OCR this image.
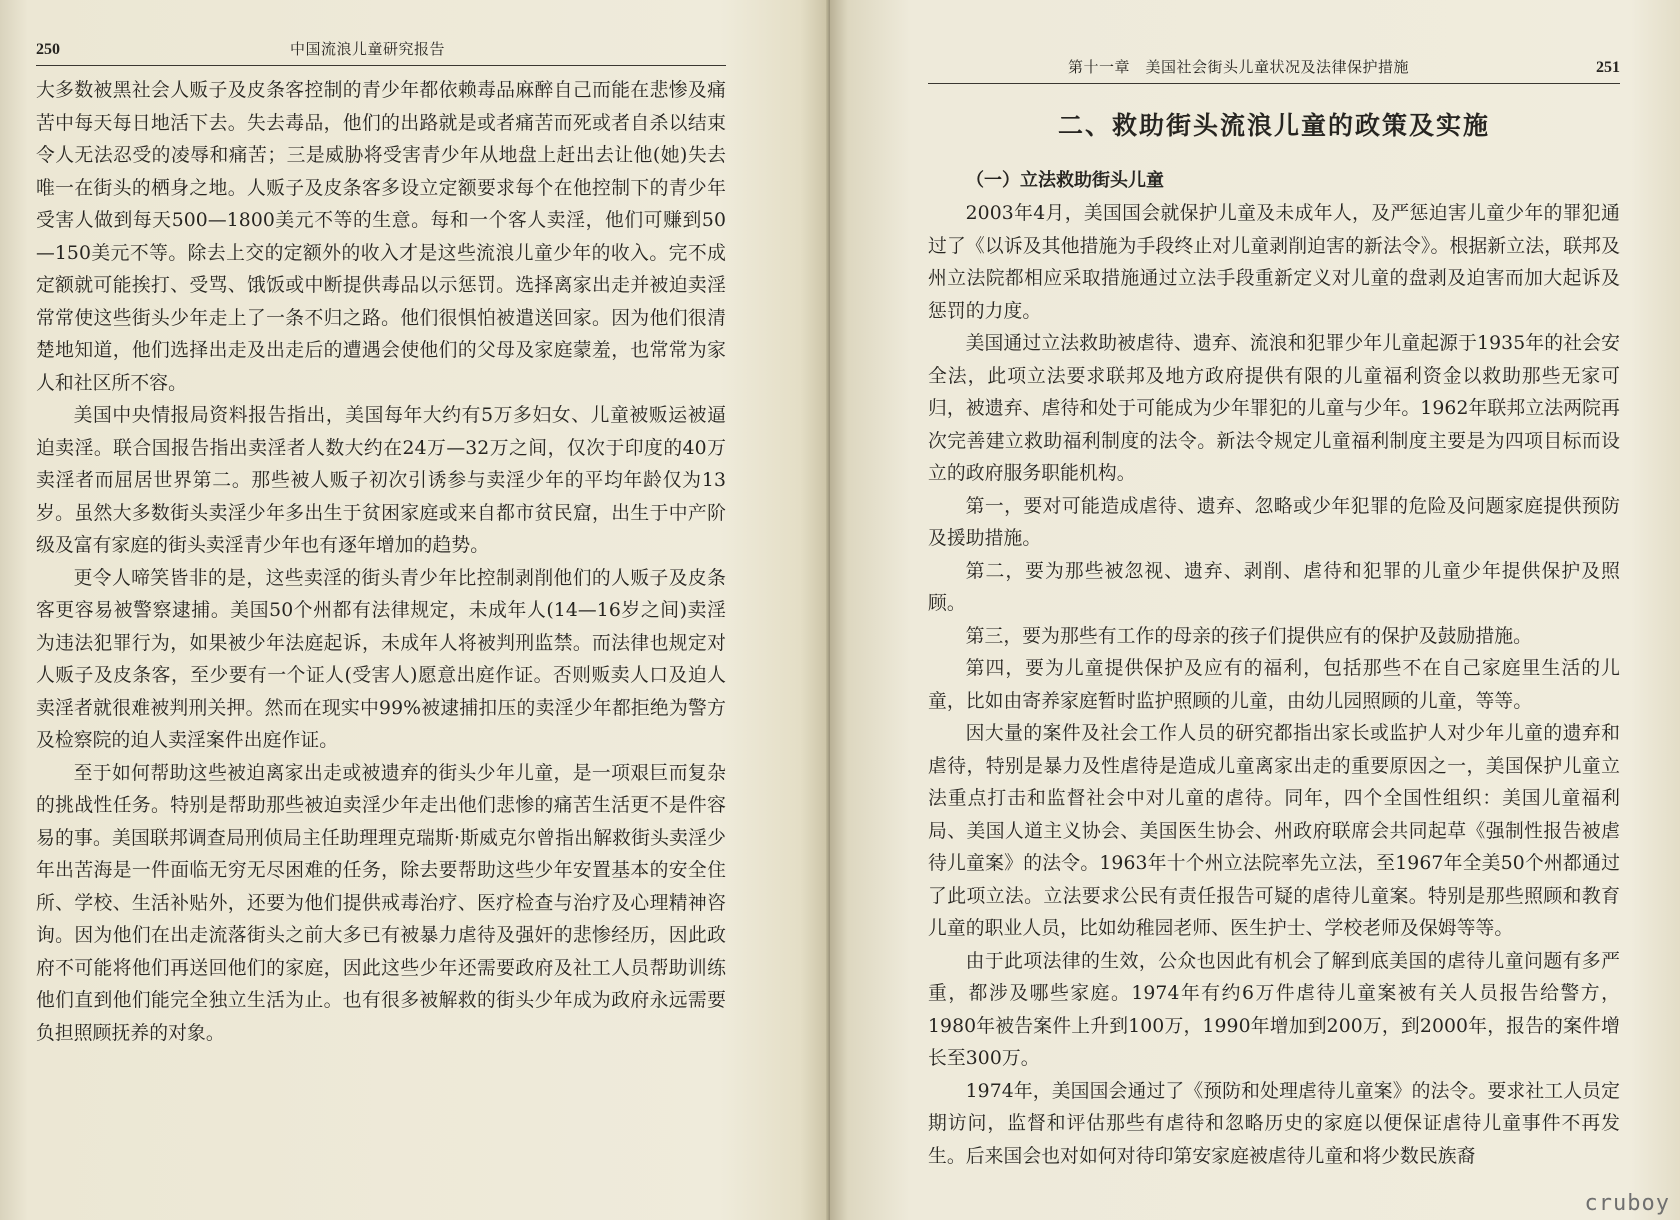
250	中国流浪儿童研究报告

大多数被黑社会人贩子及皮条客控制的青少年都依赖毒品麻醉自己而能在悲惨及痛苦中每天每日地活下去。失去毒品，他们的出路就是或者痛苦而死或者自杀以结束令人无法忍受的凌辱和痛苦；三是威胁将受害青少年从地盘上赶出去让他(她)失去唯一在街头的栖身之地。人贩子及皮条客多设立定额要求每个在他控制下的青少年受害人做到每天500—1800美元不等的生意。每和一个客人卖淫，他们可赚到50—150美元不等。除去上交的定额外的收入才是这些流浪儿童少年的收入。完不成定额就可能挨打、受骂、饿饭或中断提供毒品以示惩罚。选择离家出走并被迫卖淫常常使这些街头少年走上了一条不归之路。他们很惧怕被遣送回家。因为他们很清楚地知道，他们选择出走及出走后的遭遇会使他们的父母及家庭蒙羞，也常常为家人和社区所不容。

美国中央情报局资料报告指出，美国每年大约有5万多妇女、儿童被贩运被逼迫卖淫。联合国报告指出卖淫者人数大约在24万—32万之间，仅次于印度的40万卖淫者而屈居世界第二。那些被人贩子初次引诱参与卖淫少年的平均年龄仅为13岁。虽然大多数街头卖淫少年多出生于贫困家庭或来自都市贫民窟，出生于中产阶级及富有家庭的街头卖淫青少年也有逐年增加的趋势。

更令人啼笑皆非的是，这些卖淫的街头青少年比控制剥削他们的人贩子及皮条客更容易被警察逮捕。美国50个州都有法律规定，未成年人(14—16岁之间)卖淫为违法犯罪行为，如果被少年法庭起诉，未成年人将被判刑监禁。而法律也规定对人贩子及皮条客，至少要有一个证人(受害人)愿意出庭作证。否则贩卖人口及迫人卖淫者就很难被判刑关押。然而在现实中99%被逮捕扣压的卖淫少年都拒绝为警方及检察院的迫人卖淫案件出庭作证。

至于如何帮助这些被迫离家出走或被遗弃的街头少年儿童，是一项艰巨而复杂的挑战性任务。特别是帮助那些被迫卖淫少年走出他们悲惨的痛苦生活更不是件容易的事。美国联邦调查局刑侦局主任助理理克瑞斯·斯威克尔曾指出解救街头卖淫少年出苦海是一件面临无穷无尽困难的任务，除去要帮助这些少年安置基本的安全住所、学校、生活补贴外，还要为他们提供戒毒治疗、医疗检查与治疗及心理精神咨询。因为他们在出走流落街头之前大多已有被暴力虐待及强奸的悲惨经历，因此政府不可能将他们再送回他们的家庭，因此这些少年还需要政府及社工人员帮助训练他们直到他们能完全独立生活为止。也有很多被解救的街头少年成为政府永远需要负担照顾抚养的对象。

第十一章　美国社会街头儿童状况及法律保护措施	251
二、救助街头流浪儿童的政策及实施
（一）立法救助街头儿童

2003年4月，美国国会就保护儿童及未成年人，及严惩迫害儿童少年的罪犯通过了《以诉及其他措施为手段终止对儿童剥削迫害的新法令》。根据新立法，联邦及州立法院都相应采取措施通过立法手段重新定义对儿童的盘剥及迫害而加大起诉及惩罚的力度。

美国通过立法救助被虐待、遗弃、流浪和犯罪少年儿童起源于1935年的社会安全法，此项立法要求联邦及地方政府提供有限的儿童福利资金以救助那些无家可归，被遗弃、虐待和处于可能成为少年罪犯的儿童与少年。1962年联邦立法两院再次完善建立救助福利制度的法令。新法令规定儿童福利制度主要是为四项目标而设立的政府服务职能机构。

第一，要对可能造成虐待、遗弃、忽略或少年犯罪的危险及问题家庭提供预防及援助措施。

第二，要为那些被忽视、遗弃、剥削、虐待和犯罪的儿童少年提供保护及照顾。

第三，要为那些有工作的母亲的孩子们提供应有的保护及鼓励措施。

第四，要为儿童提供保护及应有的福利，包括那些不在自己家庭里生活的儿童，比如由寄养家庭暂时监护照顾的儿童，由幼儿园照顾的儿童，等等。

因大量的案件及社会工作人员的研究都指出家长或监护人对少年儿童的遗弃和虐待，特别是暴力及性虐待是造成儿童离家出走的重要原因之一，美国保护儿童立法重点打击和监督社会中对儿童的虐待。同年，四个全国性组织：美国儿童福利局、美国人道主义协会、美国医生协会、州政府联席会共同起草《强制性报告被虐待儿童案》的法令。1963年十个州立法院率先立法，至1967年全美50个州都通过了此项立法。立法要求公民有责任报告可疑的虐待儿童案。特别是那些照顾和教育儿童的职业人员，比如幼稚园老师、医生护士、学校老师及保姆等等。

由于此项法律的生效，公众也因此有机会了解到底美国的虐待儿童问题有多严重，都涉及哪些家庭。1974年有约6万件虐待儿童案被有关人员报告给警方，1980年被告案件上升到100万，1990年增加到200万，到2000年，报告的案件增长至300万。

1974年，美国国会通过了《预防和处理虐待儿童案》的法令。要求社工人员定期访问，监督和评估那些有虐待和忽略历史的家庭以便保证虐待儿童事件不再发生。后来国会也对如何对待印第安家庭被虐待儿童和将少数民族裔

cruboy
